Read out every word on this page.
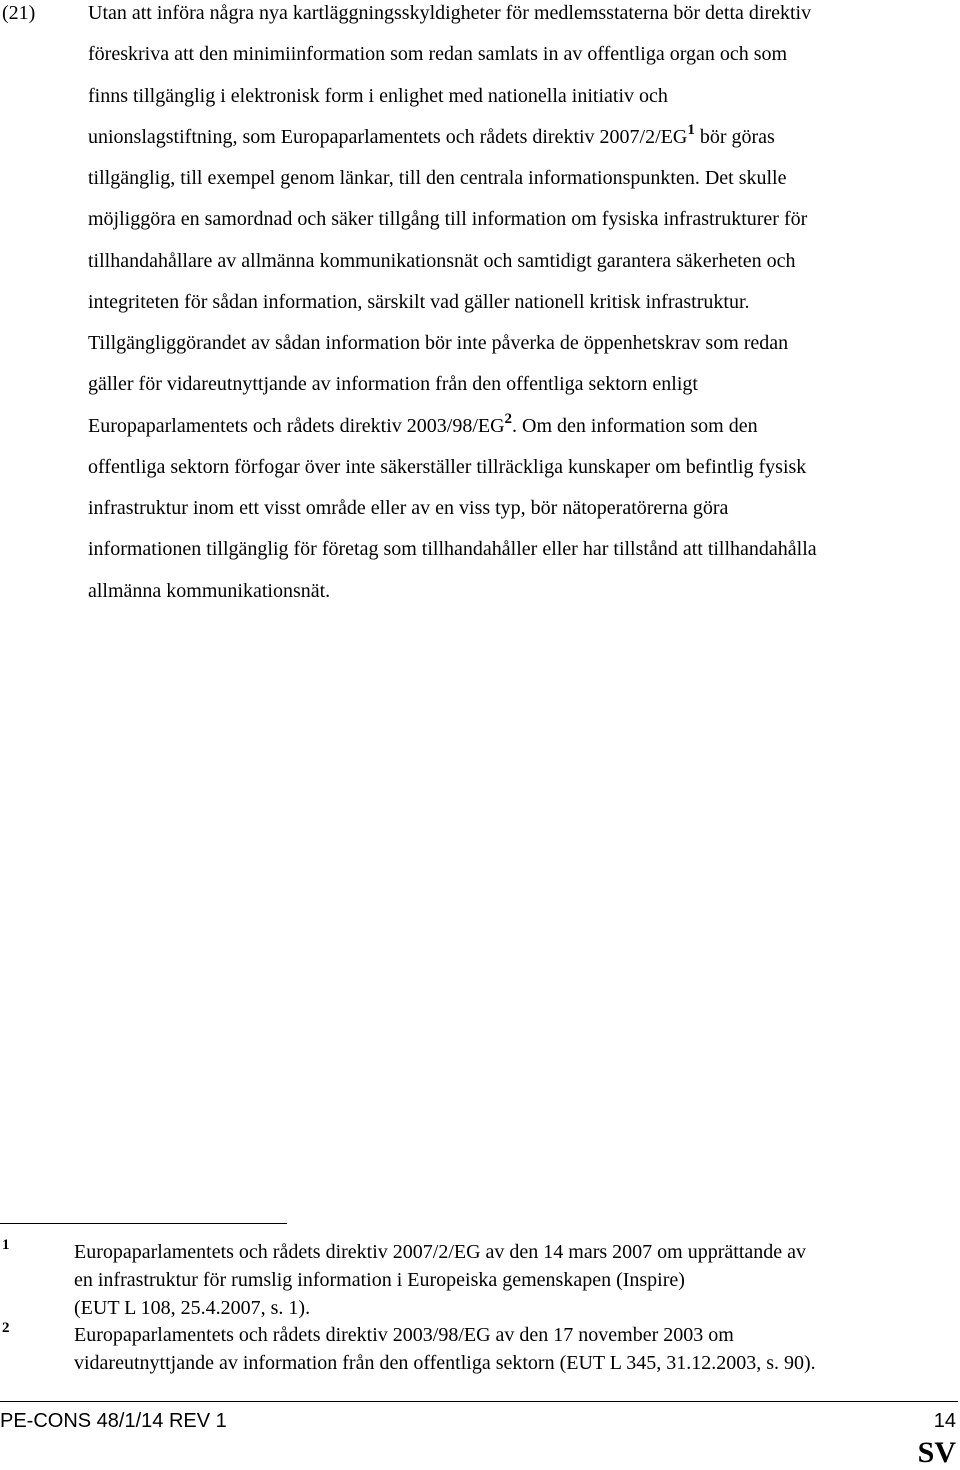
(21)	Utan att införa några nya kartläggningsskyldigheter för medlemsstaterna bör detta direktiv
föreskriva att den minimiinformation som redan samlats in av offentliga organ och som
finns tillgänglig i elektronisk form i enlighet med nationella initiativ och
unionslagstiftning, som Europaparlamentets och rådets direktiv $2007/2/EG^1$ bör göras
tillgänglig, till exempel genom länkar, till den centrala informationspunkten. Det skulle
möjliggöra en samordnad och säker tillgång till information om fysiska infrastrukturer för
tillhandahållare av allmänna kommunikationsnät och samtidigt garantera säkerheten och
integriteten för sådan information, särskilt vad gäller nationell kritisk infrastruktur.
Tillgängliggörandet av sådan information bör inte påverka de öppenhetskrav som redan
gäller för vidareutnyttjande av information från den offentliga sektorn enligt
Europaparlamentets och rådets direktiv $2003/98/EG^2$. Om den information som den
offentliga sektorn förfogar över inte säkerställer tillräckliga kunskaper om befintlig fysisk
infrastruktur inom ett visst område eller av en viss typ, bör nätoperatörerna göra
informationen tillgänglig för företag som tillhandahåller eller har tillstånd att tillhandahålla
allmänna kommunikationsnät.
1	Europaparlamentets och rådets direktiv 2007/2/EG av den 14 mars 2007 om upprättande av
en infrastruktur för rumslig information i Europeiska gemenskapen (Inspire)
(EUT L 108, 25.4.2007, s. 1).
2	Europaparlamentets och rådets direktiv 2003/98/EG av den 17 november 2003 om
vidareutnyttjande av information från den offentliga sektorn (EUT L 345, 31.12.2003, s. 90).
PE-CONS 48/1/14 REV 1	14
SV
